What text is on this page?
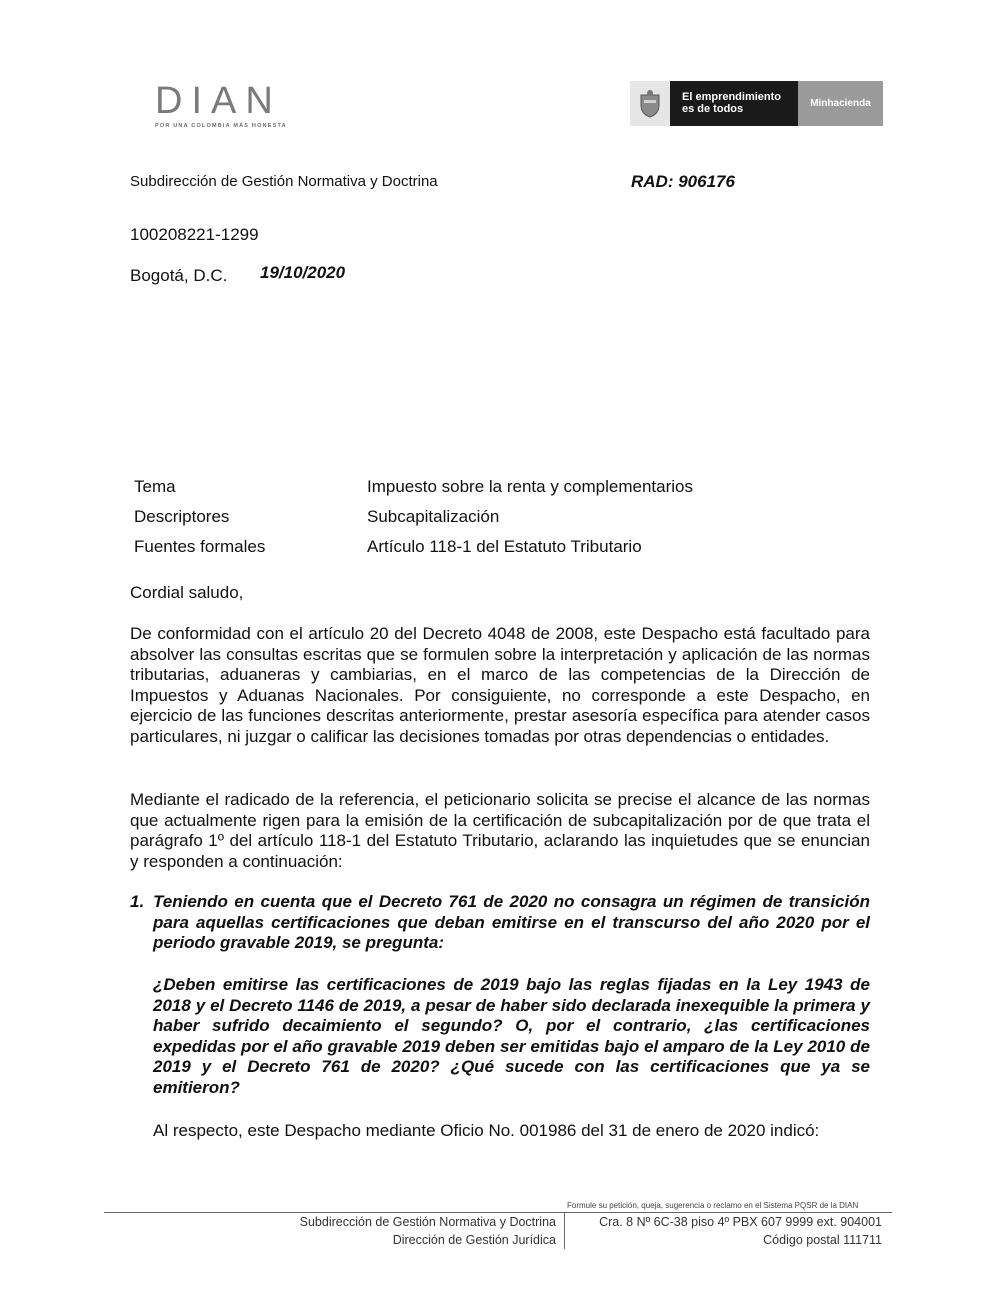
DIAN
POR UNA COLOMBIA MÁS HONESTA
El emprendimiento
es de todos	Minhacienda
Subdirección de Gestión Normativa y Doctrina	RAD: 906176
100208221-1299
Bogotá, D.C. 19/10/2020
Tema	Impuesto sobre la renta y complementarios
Descriptores	Subcapitalización
Fuentes formales	Artículo 118-1 del Estatuto Tributario
Cordial saludo,
De conformidad con el artículo 20 del Decreto 4048 de 2008, este Despacho está facultado para absolver las consultas escritas que se formulen sobre la interpretación y aplicación de las normas tributarias, aduaneras y cambiarias, en el marco de las competencias de la Dirección de Impuestos y Aduanas Nacionales. Por consiguiente, no corresponde a este Despacho, en ejercicio de las funciones descritas anteriormente, prestar asesoría específica para atender casos particulares, ni juzgar o calificar las decisiones tomadas por otras dependencias o entidades.
Mediante el radicado de la referencia, el peticionario solicita se precise el alcance de las normas que actualmente rigen para la emisión de la certificación de subcapitalización por de que trata el parágrafo 1º del artículo 118-1 del Estatuto Tributario, aclarando las inquietudes que se enuncian y responden a continuación:
1. Teniendo en cuenta que el Decreto 761 de 2020 no consagra un régimen de transición para aquellas certificaciones que deban emitirse en el transcurso del año 2020 por el periodo gravable 2019, se pregunta:
¿Deben emitirse las certificaciones de 2019 bajo las reglas fijadas en la Ley 1943 de 2018 y el Decreto 1146 de 2019, a pesar de haber sido declarada inexequible la primera y haber sufrido decaimiento el segundo? O, por el contrario, ¿las certificaciones expedidas por el año gravable 2019 deben ser emitidas bajo el amparo de la Ley 2010 de 2019 y el Decreto 761 de 2020? ¿Qué sucede con las certificaciones que ya se emitieron?
Al respecto, este Despacho mediante Oficio No. 001986 del 31 de enero de 2020 indicó:
Formule su petición, queja, sugerencia o reclamo en el Sistema PQSR de la DIAN
Subdirección de Gestión Normativa y Doctrina
Dirección de Gestión Jurídica
Cra. 8 Nº 6C-38 piso 4º PBX 607 9999 ext. 904001
Código postal 111711
